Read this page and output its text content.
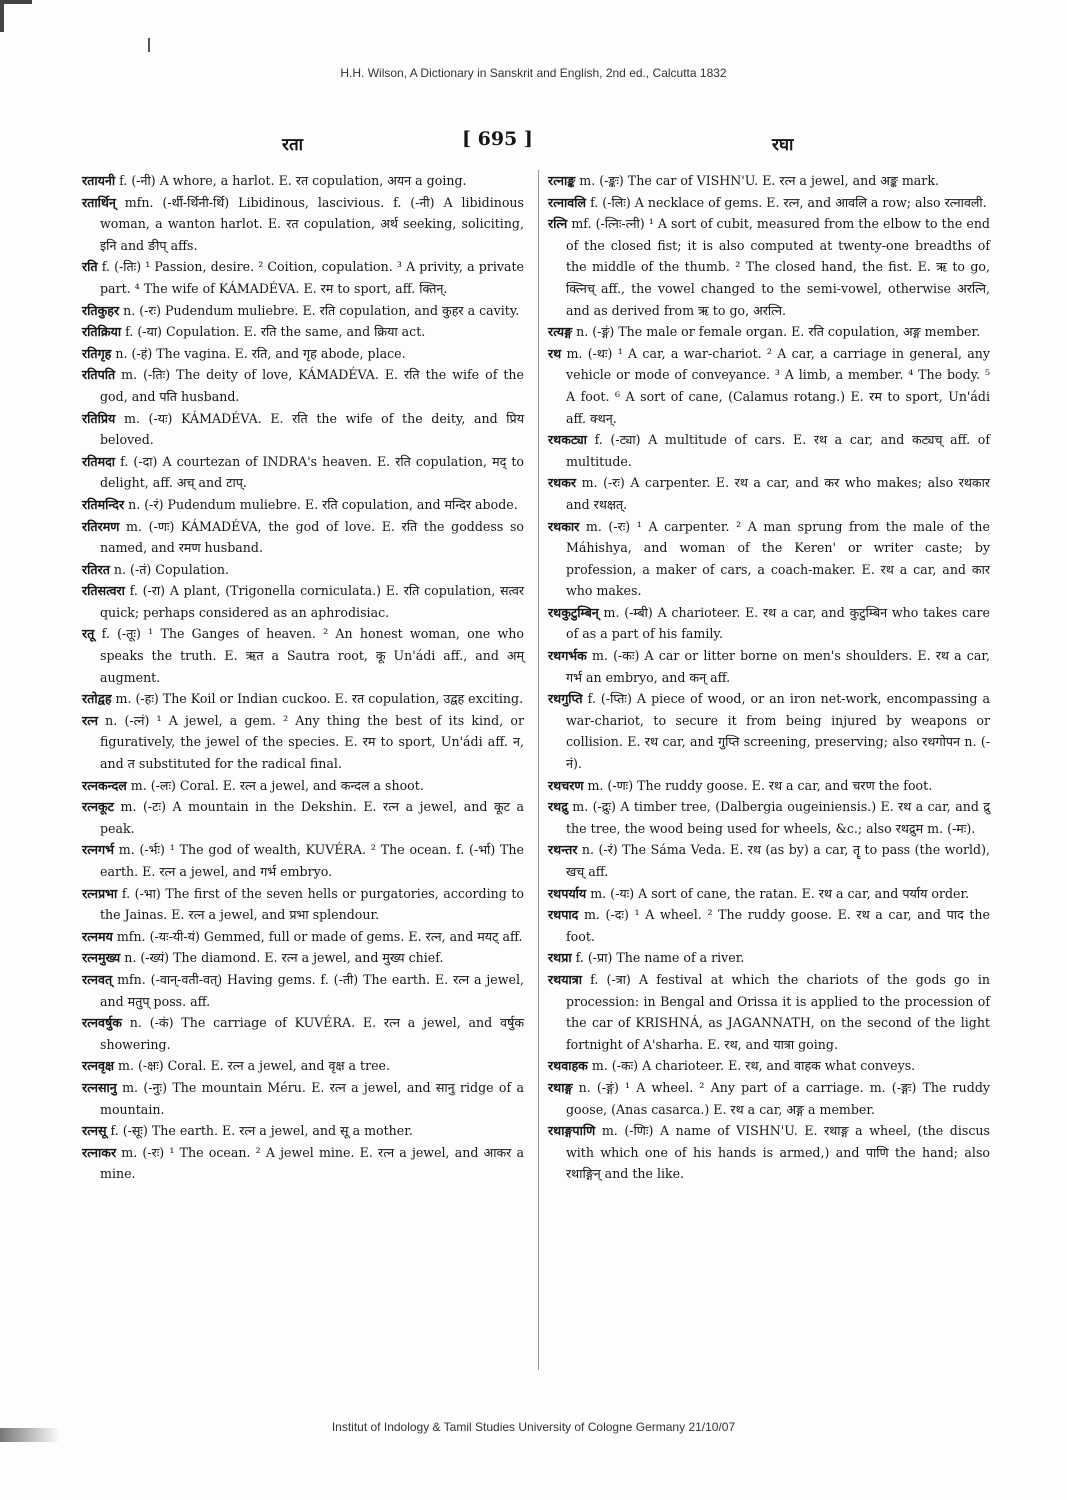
H.H. Wilson, A Dictionary in Sanskrit and English, 2nd ed., Calcutta 1832
रता	[ 695 ]	रघा

रतायनी f. (-नी) A whore, a harlot. E. रत copulation, अयन a going.

रतार्थिन् mfn. (-र्थी-र्थिनी-र्थि) Libidinous, lascivious. f. (-नी) A libidinous woman, a wanton harlot. E. रत copulation, अर्थ seeking, soliciting, इनि and ङीप् affs.

रति f. (-तिः) ¹ Passion, desire. ² Coition, copulation. ³ A privity, a private part. ⁴ The wife of KÁMADÉVA. E. रम to sport, aff. क्तिन्.

रतिकुहर n. (-रः) Pudendum muliebre. E. रति copulation, and कुहर a cavity.

रतिक्रिया f. (-या) Copulation. E. रति the same, and क्रिया act.

रतिगृह n. (-हं) The vagina. E. रति, and गृह abode, place.

रतिपति m. (-तिः) The deity of love, KÁMADÉVA. E. रति the wife of the god, and पति husband.

रतिप्रिय m. (-यः) KÁMADÉVA. E. रति the wife of the deity, and प्रिय beloved.

रतिमदा f. (-दा) A courtezan of INDRA's heaven. E. रति copulation, मद् to delight, aff. अच् and टाप्.

रतिमन्दिर n. (-रं) Pudendum muliebre. E. रति copulation, and मन्दिर abode.

रतिरमण m. (-णः) KÁMADÉVA, the god of love. E. रति the goddess so named, and रमण husband.

रतिरत n. (-तं) Copulation.

रतिसत्वरा f. (-रा) A plant, (Trigonella corniculata.) E. रति copulation, सत्वर quick; perhaps considered as an aphrodisiac.

रतू f. (-तूः) ¹ The Ganges of heaven. ² An honest woman, one who speaks the truth. E. ऋत a Sautra root, कू Un'ádi aff., and अम् augment.

रतोद्वह m. (-हः) The Koil or Indian cuckoo. E. रत copulation, उद्वह exciting.

रत्न n. (-त्नं) ¹ A jewel, a gem. ² Any thing the best of its kind, or figuratively, the jewel of the species. E. रम to sport, Un'ádi aff. न, and त substituted for the radical final.

रत्नकन्दल m. (-लः) Coral. E. रत्न a jewel, and कन्दल a shoot.

रत्नकूट m. (-टः) A mountain in the Dekshin. E. रत्न a jewel, and कूट a peak.

रत्नगर्भ m. (-र्भः) ¹ The god of wealth, KUVÉRA. ² The ocean. f. (-र्भा) The earth. E. रत्न a jewel, and गर्भ embryo.

रत्नप्रभा f. (-भा) The first of the seven hells or purgatories, according to the Jainas. E. रत्न a jewel, and प्रभा splendour.

रत्नमय mfn. (-यः-यी-यं) Gemmed, full or made of gems. E. रत्न, and मयट् aff.

रत्नमुख्य n. (-ख्यं) The diamond. E. रत्न a jewel, and मुख्य chief.

रत्नवत् mfn. (-वान्-वती-वत्) Having gems. f. (-ती) The earth. E. रत्न a jewel, and मतुप् poss. aff.

रत्नवर्षुक n. (-कं) The carriage of KUVÉRA. E. रत्न a jewel, and वर्षुक showering.

रत्नवृक्ष m. (-क्षः) Coral. E. रत्न a jewel, and वृक्ष a tree.

रत्नसानु m. (-नुः) The mountain Méru. E. रत्न a jewel, and सानु ridge of a mountain.

रत्नसू f. (-सूः) The earth. E. रत्न a jewel, and सू a mother.

रत्नाकर m. (-रः) ¹ The ocean. ² A jewel mine. E. रत्न a jewel, and आकर a mine.

रत्नाङ्क m. (-ङ्कः) The car of VISHN'U. E. रत्न a jewel, and अङ्क mark.

रत्नावलि f. (-लिः) A necklace of gems. E. रत्न, and आवलि a row; also रत्नावली.

रत्नि mf. (-त्निः-त्नी) ¹ A sort of cubit, measured from the elbow to the end of the closed fist; it is also computed at twenty-one breadths of the middle of the thumb. ² The closed hand, the fist. E. ऋ to go, क्त्निच् aff., the vowel changed to the semi-vowel, otherwise अरत्नि, and as derived from ऋ to go, अरत्नि.

रत्यङ्ग n. (-ङ्गं) The male or female organ. E. रति copulation, अङ्ग member.

रथ m. (-थः) ¹ A car, a war-chariot. ² A car, a carriage in general, any vehicle or mode of conveyance. ³ A limb, a member. ⁴ The body. ⁵ A foot. ⁶ A sort of cane, (Calamus rotang.) E. रम to sport, Un'ádi aff. क्थन्.

रथकट्या f. (-ट्या) A multitude of cars. E. रथ a car, and कट्यच् aff. of multitude.

रथकर m. (-रः) A carpenter. E. रथ a car, and कर who makes; also रथकार and रथक्षत्.

रथकार m. (-रः) ¹ A carpenter. ² A man sprung from the male of the Máhishya, and woman of the Keren' or writer caste; by profession, a maker of cars, a coach-maker. E. रथ a car, and कार who makes.

रथकुटुम्बिन् m. (-म्बी) A charioteer. E. रथ a car, and कुटुम्बिन who takes care of as a part of his family.

रथगर्भक m. (-कः) A car or litter borne on men's shoulders. E. रथ a car, गर्भ an embryo, and कन् aff.

रथगुप्ति f. (-प्तिः) A piece of wood, or an iron net-work, encompassing a war-chariot, to secure it from being injured by weapons or collision. E. रथ car, and गुप्ति screening, preserving; also रथगोपन n. (-नं).

रथचरण m. (-णः) The ruddy goose. E. रथ a car, and चरण the foot.

रथद्रु m. (-द्रुः) A timber tree, (Dalbergia ougeiniensis.) E. रथ a car, and द्रु the tree, the wood being used for wheels, &c.; also रथद्रुम m. (-मः).

रथन्तर n. (-रं) The Sáma Veda. E. रथ (as by) a car, तॄ to pass (the world), खच् aff.

रथपर्याय m. (-यः) A sort of cane, the ratan. E. रथ a car, and पर्याय order.

रथपाद m. (-दः) ¹ A wheel. ² The ruddy goose. E. रथ a car, and पाद the foot.

रथप्रा f. (-प्रा) The name of a river.

रथयात्रा f. (-त्रा) A festival at which the chariots of the gods go in procession: in Bengal and Orissa it is applied to the procession of the car of KRISHNÁ, as JAGANNATH, on the second of the light fortnight of A'sharha. E. रथ, and यात्रा going.

रथवाहक m. (-कः) A charioteer. E. रथ, and वाहक what conveys.

रथाङ्ग n. (-ङ्गं) ¹ A wheel. ² Any part of a carriage. m. (-ङ्गः) The ruddy goose, (Anas casarca.) E. रथ a car, अङ्ग a member.

रथाङ्गपाणि m. (-णिः) A name of VISHN'U. E. रथाङ्ग a wheel, (the discus with which one of his hands is armed,) and पाणि the hand; also रथाङ्गिन् and the like.

Institut of Indology & Tamil Studies University of Cologne Germany 21/10/07
